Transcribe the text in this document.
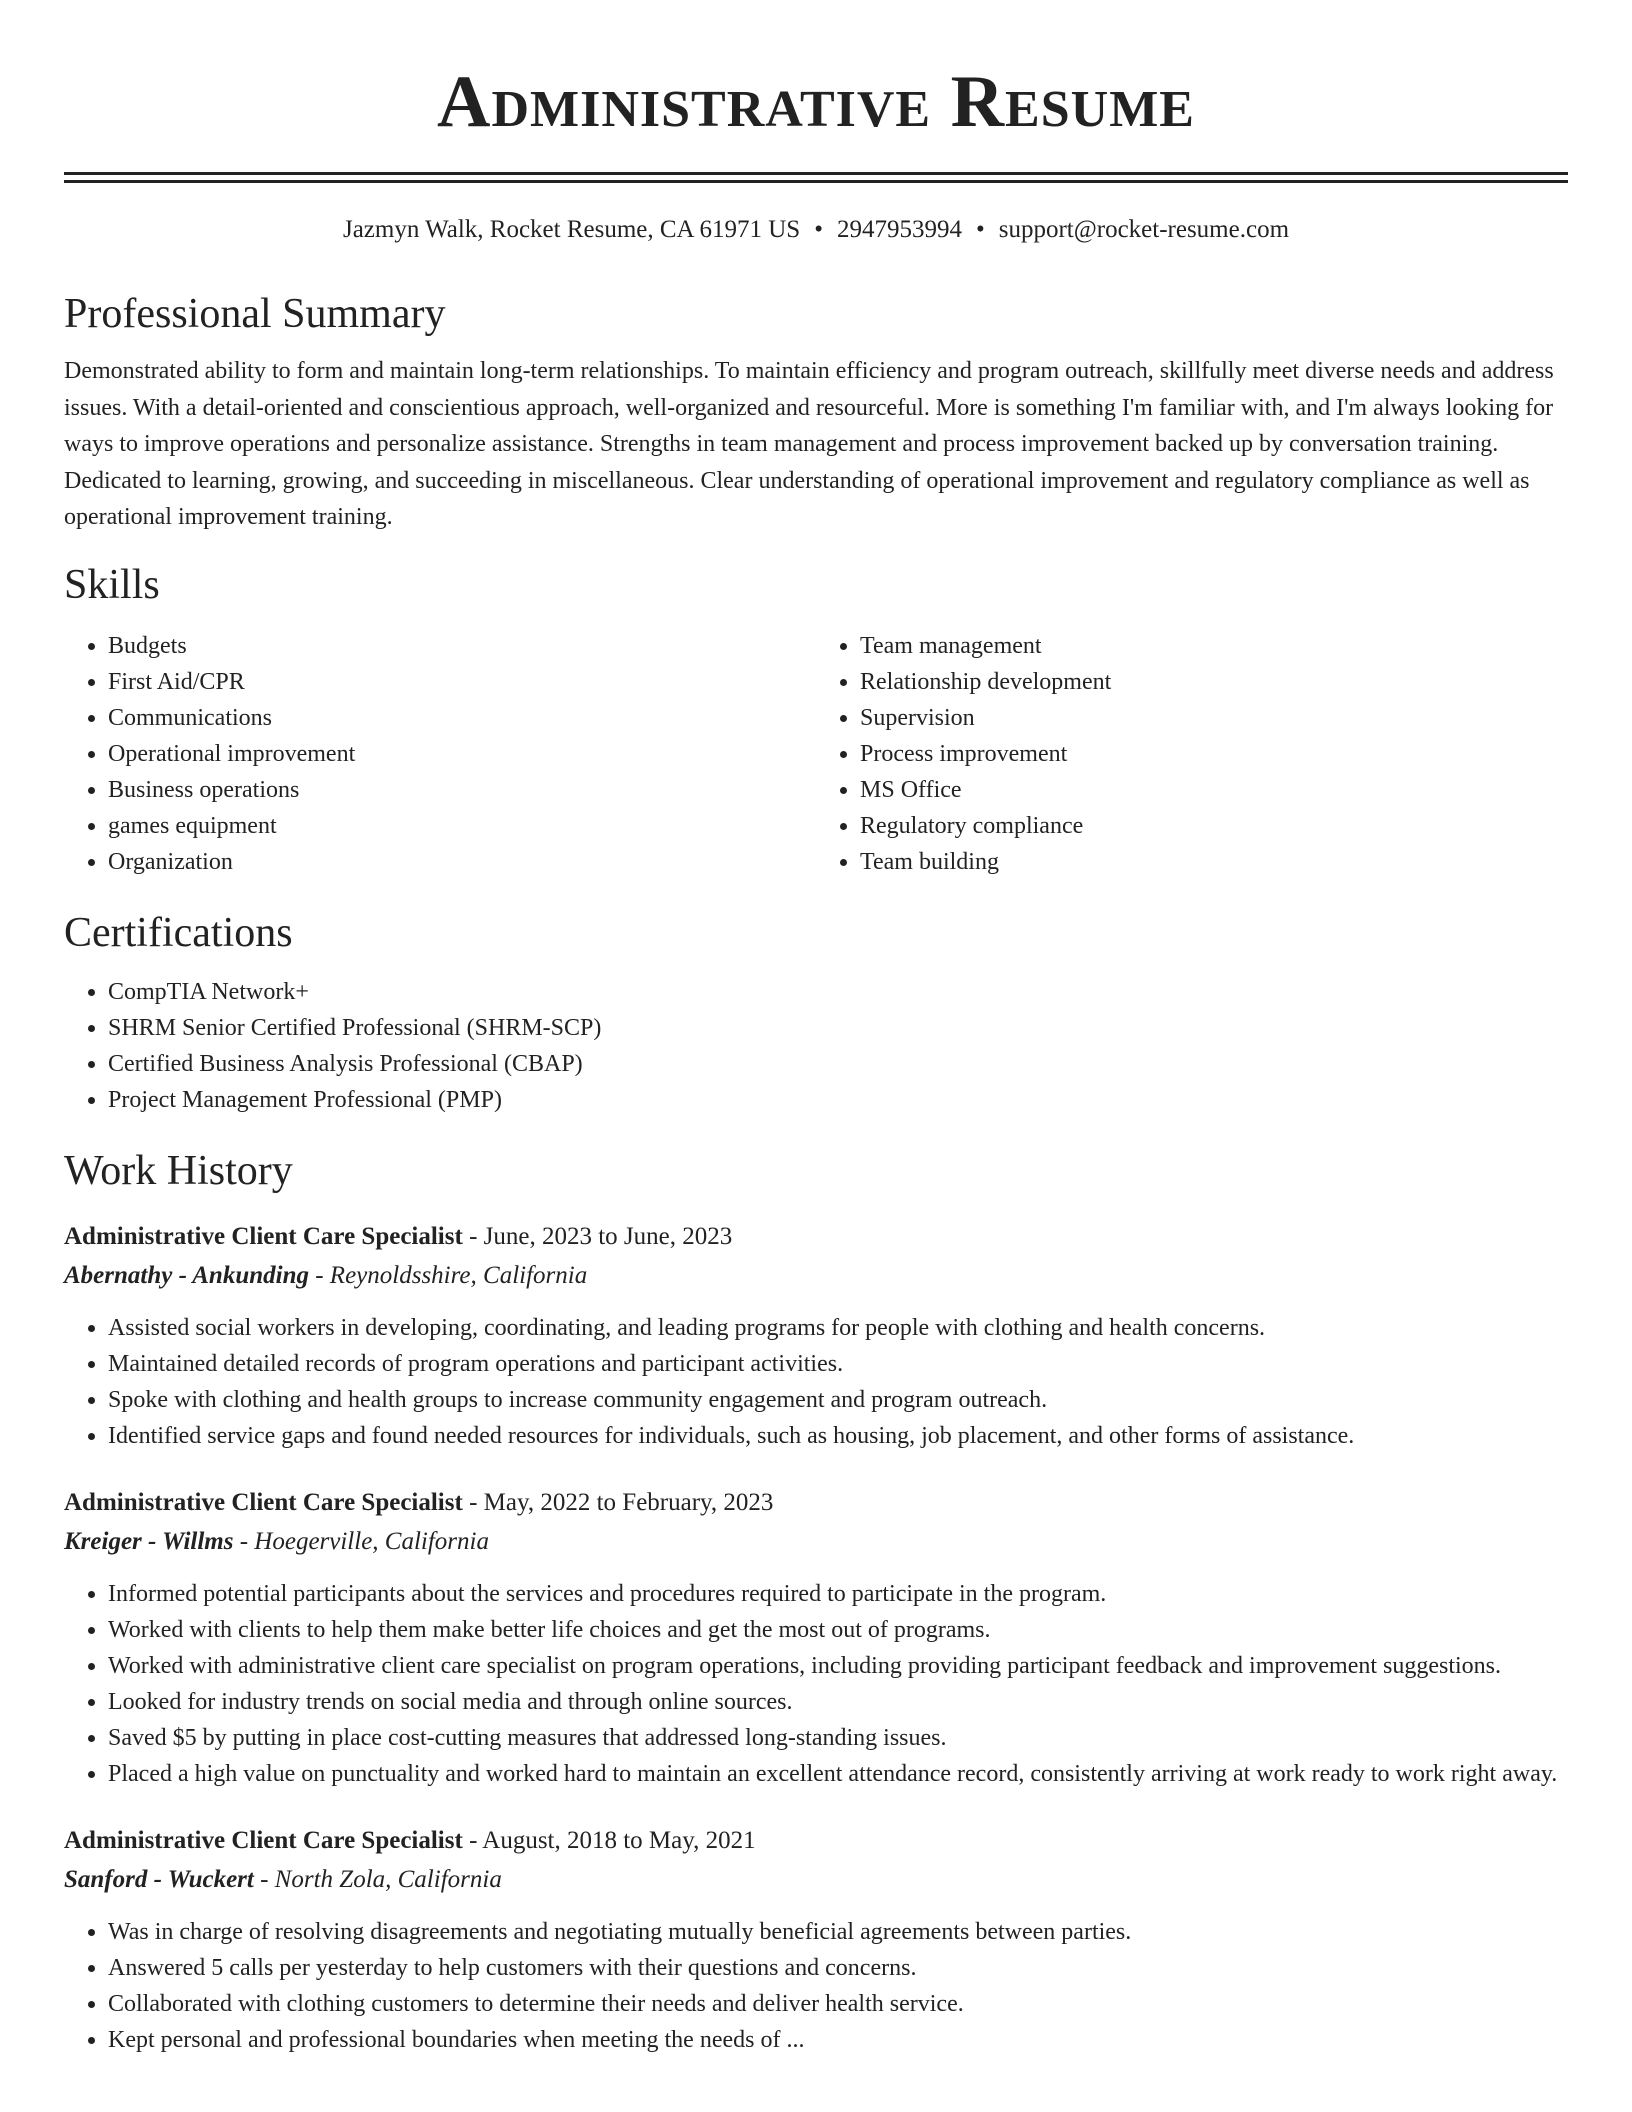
Administrative Resume
Jazmyn Walk, Rocket Resume, CA 61971 US • 2947953994 • support@rocket-resume.com
Professional Summary

Demonstrated ability to form and maintain long-term relationships. To maintain efficiency and program outreach, skillfully meet diverse needs and address issues. With a detail-oriented and conscientious approach, well-organized and resourceful. More is something I'm familiar with, and I'm always looking for ways to improve operations and personalize assistance. Strengths in team management and process improvement backed up by conversation training. Dedicated to learning, growing, and succeeding in miscellaneous. Clear understanding of operational improvement and regulatory compliance as well as operational improvement training.

Skills
• Budgets
• First Aid/CPR
• Communications
• Operational improvement
• Business operations
• games equipment
• Organization
• Team management
• Relationship development
• Supervision
• Process improvement
• MS Office
• Regulatory compliance
• Team building
Certifications
• CompTIA Network+
• SHRM Senior Certified Professional (SHRM-SCP)
• Certified Business Analysis Professional (CBAP)
• Project Management Professional (PMP)
Work History
Administrative Client Care Specialist - June, 2023 to June, 2023
Abernathy - Ankunding - Reynoldsshire, California
• Assisted social workers in developing, coordinating, and leading programs for people with clothing and health concerns.
• Maintained detailed records of program operations and participant activities.
• Spoke with clothing and health groups to increase community engagement and program outreach.
• Identified service gaps and found needed resources for individuals, such as housing, job placement, and other forms of assistance.
Administrative Client Care Specialist - May, 2022 to February, 2023
Kreiger - Willms - Hoegerville, California
• Informed potential participants about the services and procedures required to participate in the program.
• Worked with clients to help them make better life choices and get the most out of programs.
• Worked with administrative client care specialist on program operations, including providing participant feedback and improvement suggestions.
• Looked for industry trends on social media and through online sources.
• Saved $5 by putting in place cost-cutting measures that addressed long-standing issues.
• Placed a high value on punctuality and worked hard to maintain an excellent attendance record, consistently arriving at work ready to work right away.
Administrative Client Care Specialist - August, 2018 to May, 2021
Sanford - Wuckert - North Zola, California
• Was in charge of resolving disagreements and negotiating mutually beneficial agreements between parties.
• Answered 5 calls per yesterday to help customers with their questions and concerns.
• Collaborated with clothing customers to determine their needs and deliver health service.
• Kept personal and professional boundaries when meeting the needs of ...
